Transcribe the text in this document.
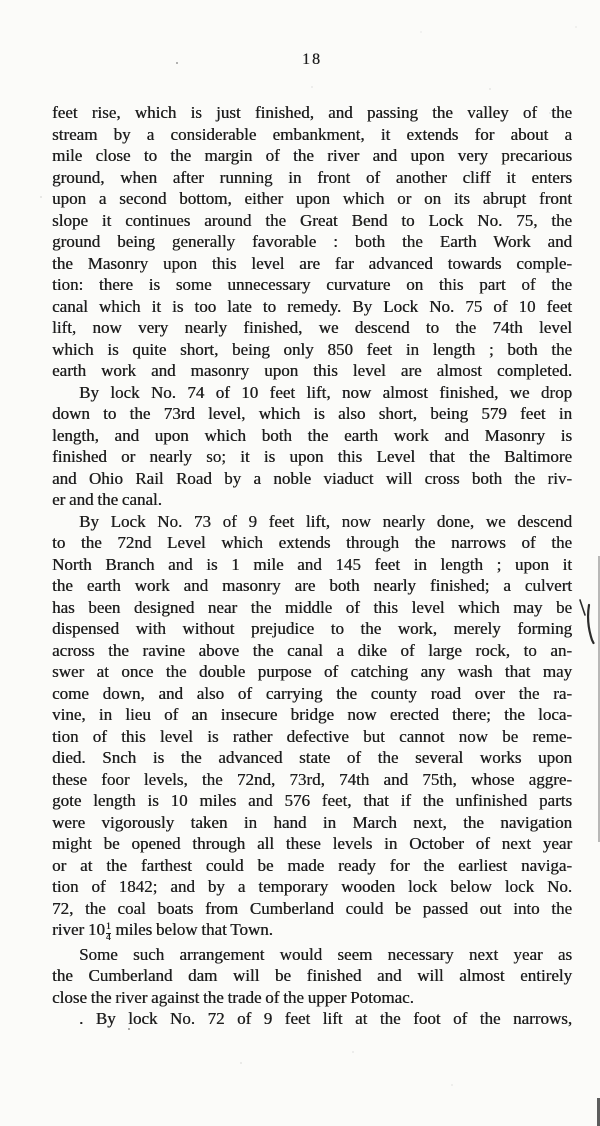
18
feet rise, which is just finished, and passing the valley of the
stream by a considerable embankment, it extends for about a
mile close to the margin of the river and upon very precarious
ground, when after running in front of another cliff it enters
upon a second bottom, either upon which or on its abrupt front
slope it continues around the Great Bend to Lock No. 75, the
ground being generally favorable : both the Earth Work and
the Masonry upon this level are far advanced towards comple-
tion: there is some unnecessary curvature on this part of the
canal which it is too late to remedy. By Lock No. 75 of 10 feet
lift, now very nearly finished, we descend to the 74th level
which is quite short, being only 850 feet in length ; both the
earth work and masonry upon this level are almost completed.
By lock No. 74 of 10 feet lift, now almost finished, we drop
down to the 73rd level, which is also short, being 579 feet in
length, and upon which both the earth work and Masonry is
finished or nearly so; it is upon this Level that the Baltimore
and Ohio Rail Road by a noble viaduct will cross both the riv-
er and the canal.
By Lock No. 73 of 9 feet lift, now nearly done, we descend
to the 72nd Level which extends through the narrows of the
North Branch and is 1 mile and 145 feet in length ; upon it
the earth work and masonry are both nearly finished; a culvert
has been designed near the middle of this level which may be
dispensed with without prejudice to the work, merely forming
across the ravine above the canal a dike of large rock, to an-
swer at once the double purpose of catching any wash that may
come down, and also of carrying the county road over the ra-
vine, in lieu of an insecure bridge now erected there; the loca-
tion of this level is rather defective but cannot now be reme-
died. Snch is the advanced state of the several works upon
these foor levels, the 72nd, 73rd, 74th and 75th, whose aggre-
gote length is 10 miles and 576 feet, that if the unfinished parts
were vigorously taken in hand in March next, the navigation
might be opened through all these levels in October of next year
or at the farthest could be made ready for the earliest naviga-
tion of 1842; and by a temporary wooden lock below lock No.
72, the coal boats from Cumberland could be passed out into the
river $10 \frac{1}{4}$ miles below that Town.
Some such arrangement would seem necessary next year as
the Cumberland dam will be finished and will almost entirely
close the river against the trade of the upper Potomac.
. By lock No. 72 of 9 feet lift at the foot of the narrows,
